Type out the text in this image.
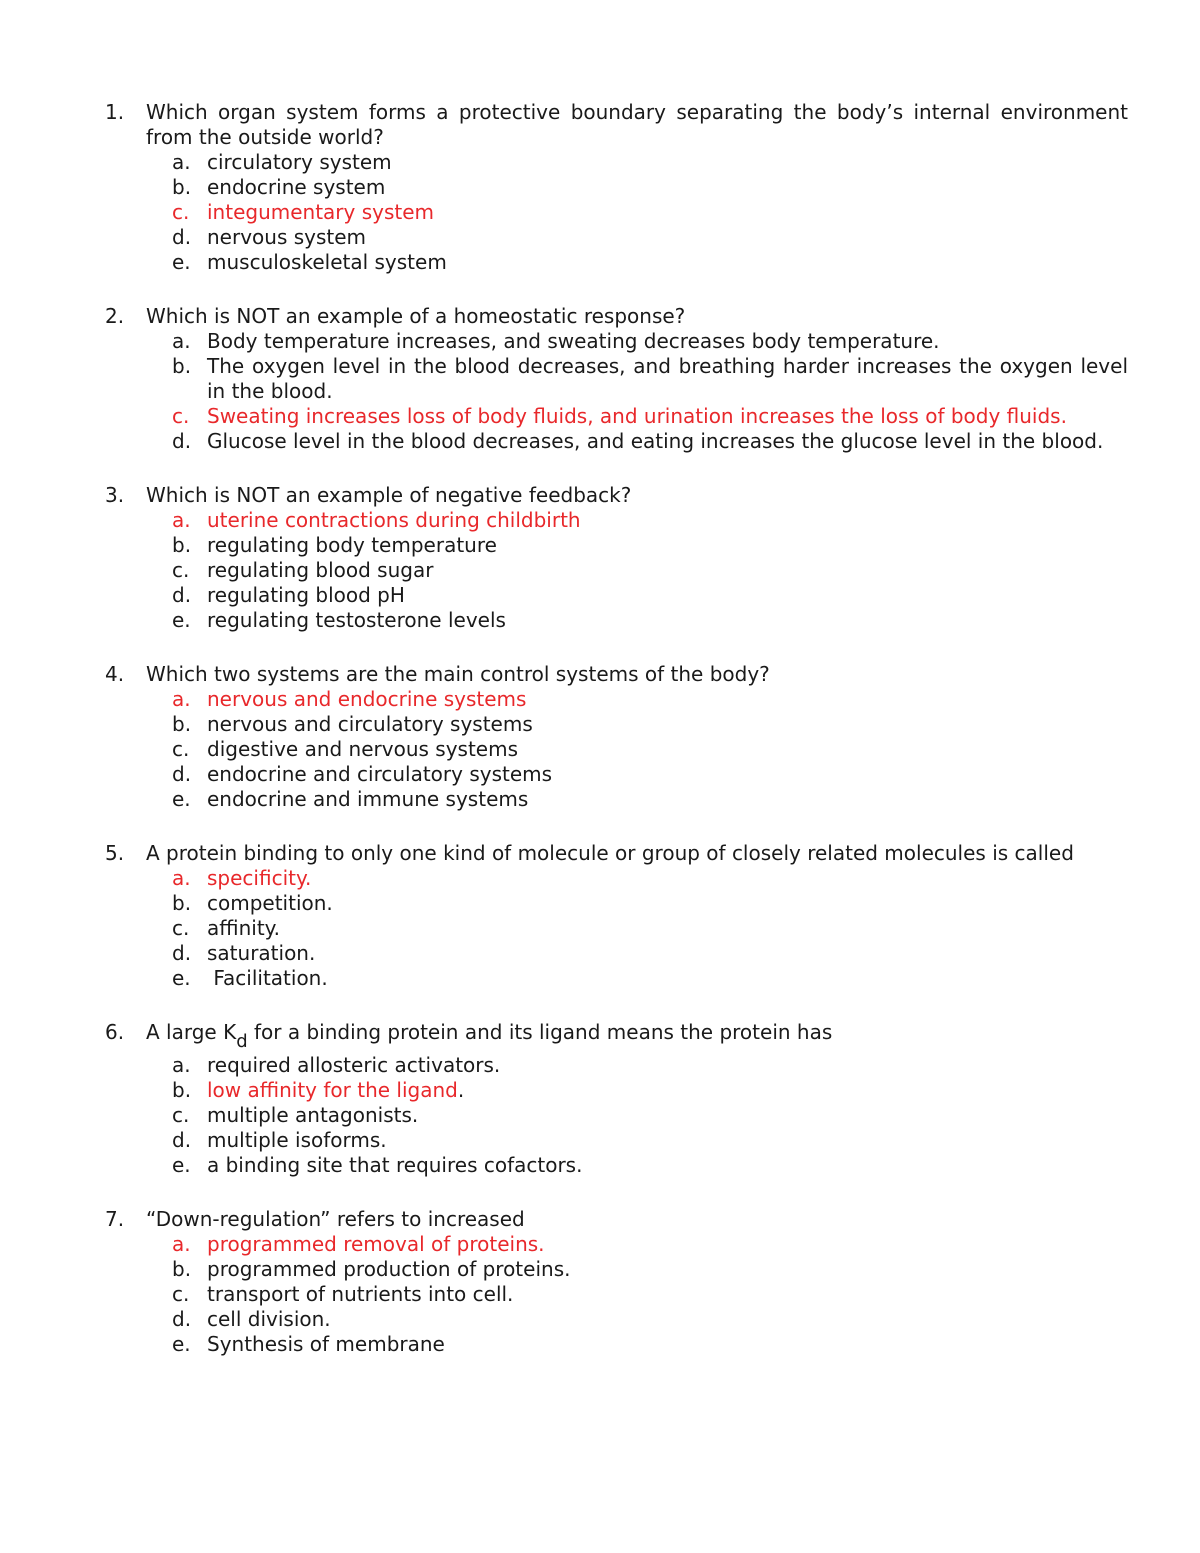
1. Which organ system forms a protective boundary separating the body’s internal environment from the outside world?
a. circulatory system
b. endocrine system
c. integumentary system
d. nervous system
e. musculoskeletal system
2. Which is NOT an example of a homeostatic response?
a. Body temperature increases, and sweating decreases body temperature.
b. The oxygen level in the blood decreases, and breathing harder increases the oxygen level in the blood.
c. Sweating increases loss of body fluids, and urination increases the loss of body fluids.
d. Glucose level in the blood decreases, and eating increases the glucose level in the blood.
3. Which is NOT an example of negative feedback?
a. uterine contractions during childbirth
b. regulating body temperature
c. regulating blood sugar
d. regulating blood pH
e. regulating testosterone levels
4. Which two systems are the main control systems of the body?
a. nervous and endocrine systems
b. nervous and circulatory systems
c. digestive and nervous systems
d. endocrine and circulatory systems
e. endocrine and immune systems
5. A protein binding to only one kind of molecule or group of closely related molecules is called
a. specificity.
b. competition.
c. affinity.
d. saturation.
e. Facilitation.
6. A large Kd for a binding protein and its ligand means the protein has
a. required allosteric activators.
b. low affinity for the ligand.
c. multiple antagonists.
d. multiple isoforms.
e. a binding site that requires cofactors.
7. “Down-regulation” refers to increased
a. programmed removal of proteins.
b. programmed production of proteins.
c. transport of nutrients into cell.
d. cell division.
e. Synthesis of membrane
